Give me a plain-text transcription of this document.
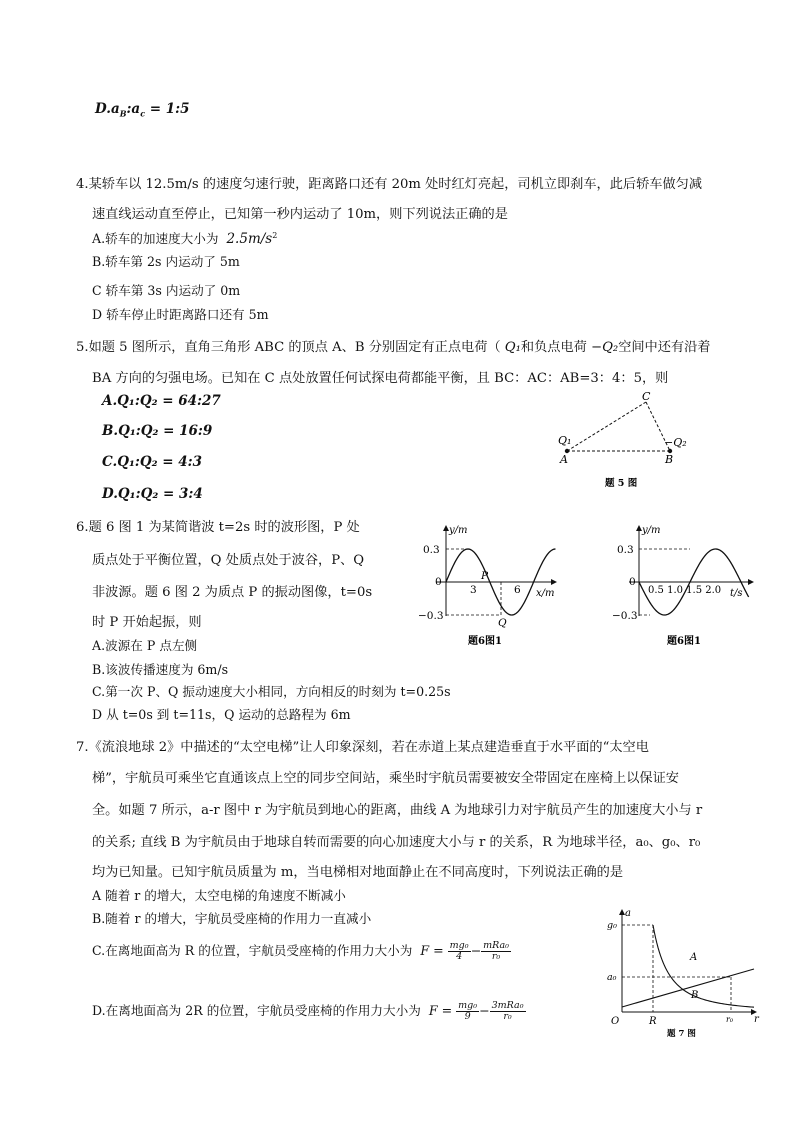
$D.a_B:a_c$ = 1:5
4.某轿车以 12.5m/s 的速度匀速行驶，距离路口还有 20m 处时红灯亮起，司机立即刹车，此后轿车做匀减
速直线运动直至停止，已知第一秒内运动了 10m，则下列说法正确的是
A.轿车的加速度大小为 $2.5m/s^2$
B.轿车第 2s 内运动了 5m
C 轿车第 3s 内运动了 0m
D 轿车停止时距离路口还有 5m
5.如题 5 图所示，直角三角形 ABC 的顶点 A、B 分别固定有正点电荷（ Q₁和负点电荷 −Q₂空间中还有沿着
BA 方向的匀强电场。已知在 C 点处放置任何试探电荷都能平衡，且 BC：AC：AB=3：4：5，则
A.Q₁:Q₂ = 64:27
B.Q₁:Q₂ = 16:9
C.Q₁:Q₂ = 4:3
D.Q₁:Q₂ = 3:4
C
Q₁	−Q₂
A	B
题 5 图
6.题 6 图 1 为某简谐波 t=2s 时的波形图，P 处
质点处于平衡位置，Q 处质点处于波谷，P、Q
非波源。题 6 图 2 为质点 P 的振动图像，t=0s
时 P 开始起振，则
A.波源在 P 点左侧
B.该波传播速度为 6m/s
C.第一次 P、Q 振动速度大小相同，方向相反的时刻为 t=0.25s
D 从 t=0s 到 t=11s，Q 运动的总路程为 6m
y/m
x/m
0.3
0
−0.3
3	6
P
Q
题6图1
y/m
t/s
0.3
0
−0.3
0.5 1.0 1.5 2.0
题6图1
7.《流浪地球 2》中描述的“太空电梯”让人印象深刻，若在赤道上某点建造垂直于水平面的“太空电
梯”，宇航员可乘坐它直通该点上空的同步空间站，乘坐时宇航员需要被安全带固定在座椅上以保证安
全。如题 7 所示，a-r 图中 r 为宇航员到地心的距离，曲线 A 为地球引力对宇航员产生的加速度大小与 r
的关系; 直线 B 为宇航员由于地球自转而需要的向心加速度大小与 r 的关系，R 为地球半径，a₀、g₀、r₀
均为已知量。已知宇航员质量为 m，当电梯相对地面静止在不同高度时，下列说法正确的是
A 随着 r 的增大，太空电梯的角速度不断减小
B.随着 r 的增大，宇航员受座椅的作用力一直减小
C.在离地面高为 R 的位置，宇航员受座椅的作用力大小为 $F = \frac{\text{mg₀}}{4} - \frac{\text{mRa₀}}{\text{r₀}}$
D.在离地面高为 2R 的位置，宇航员受座椅的作用力大小为 $F = \frac{\text{mg₀}}{9} - \frac{\text{3mRa₀}}{\text{r₀}}$
a
g₀
a₀
O	R	r₀ r
A
B
题 7 图
